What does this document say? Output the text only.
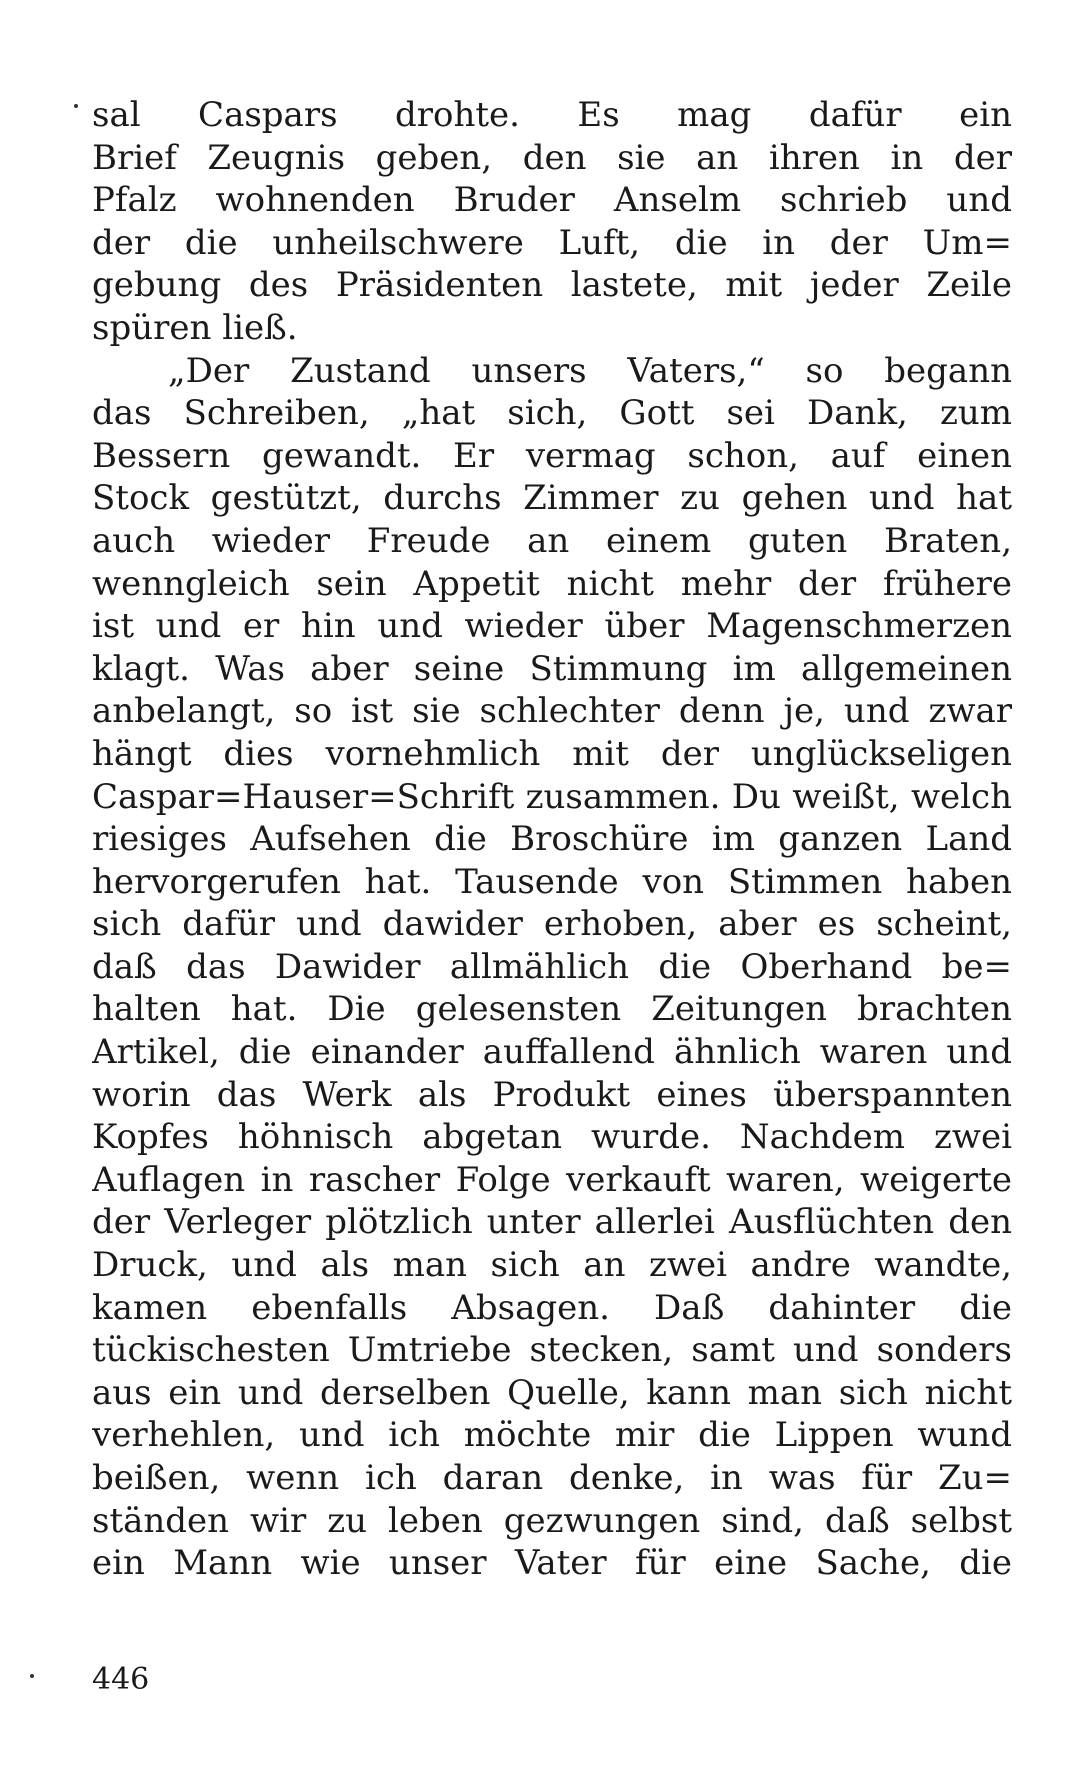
sal Caspars drohte. Es mag dafür ein
Brief Zeugnis geben, den sie an ihren in der
Pfalz wohnenden Bruder Anselm schrieb und
der die unheilschwere Luft, die in der Um=
gebung des Präsidenten lastete, mit jeder Zeile
spüren ließ.
„Der Zustand unsers Vaters,“ so begann
das Schreiben, „hat sich, Gott sei Dank, zum
Bessern gewandt. Er vermag schon, auf einen
Stock gestützt, durchs Zimmer zu gehen und hat
auch wieder Freude an einem guten Braten,
wenngleich sein Appetit nicht mehr der frühere
ist und er hin und wieder über Magenschmerzen
klagt. Was aber seine Stimmung im allgemeinen
anbelangt, so ist sie schlechter denn je, und zwar
hängt dies vornehmlich mit der unglückseligen
Caspar=Hauser=Schrift zusammen. Du weißt, welch
riesiges Aufsehen die Broschüre im ganzen Land
hervorgerufen hat. Tausende von Stimmen haben
sich dafür und dawider erhoben, aber es scheint,
daß das Dawider allmählich die Oberhand be=
halten hat. Die gelesensten Zeitungen brachten
Artikel, die einander auffallend ähnlich waren und
worin das Werk als Produkt eines überspannten
Kopfes höhnisch abgetan wurde. Nachdem zwei
Auflagen in rascher Folge verkauft waren, weigerte
der Verleger plötzlich unter allerlei Ausflüchten den
Druck, und als man sich an zwei andre wandte,
kamen ebenfalls Absagen. Daß dahinter die
tückischesten Umtriebe stecken, samt und sonders
aus ein und derselben Quelle, kann man sich nicht
verhehlen, und ich möchte mir die Lippen wund
beißen, wenn ich daran denke, in was für Zu=
ständen wir zu leben gezwungen sind, daß selbst
ein Mann wie unser Vater für eine Sache, die
446
